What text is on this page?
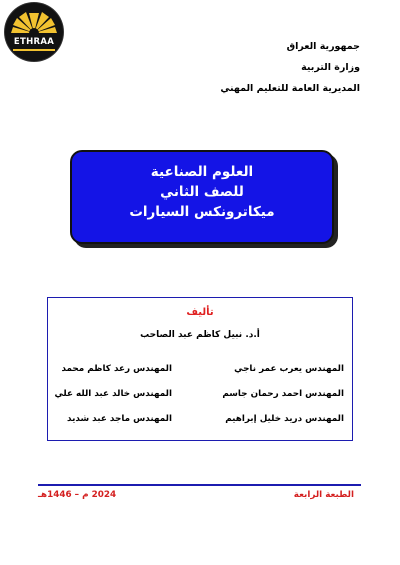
ETHRAA	جمهورية العراق
وزارة التربية
المديرية العامة للتعليم المهني
العلوم الصناعية
للصف الثاني
ميكاترونكس السيارات
تأليف
أ.د. نبيل كاظم عبد الصاحب
المهندس يعرب عمر ناجي
المهندس رعد كاظم محمد
المهندس احمد رحمان جاسم
المهندس خالد عبد الله علي
المهندس دريد خليل إبراهيم
المهندس ماجد عبد شديد
الطبعة الرابعة
2024 م – 1446هـ
